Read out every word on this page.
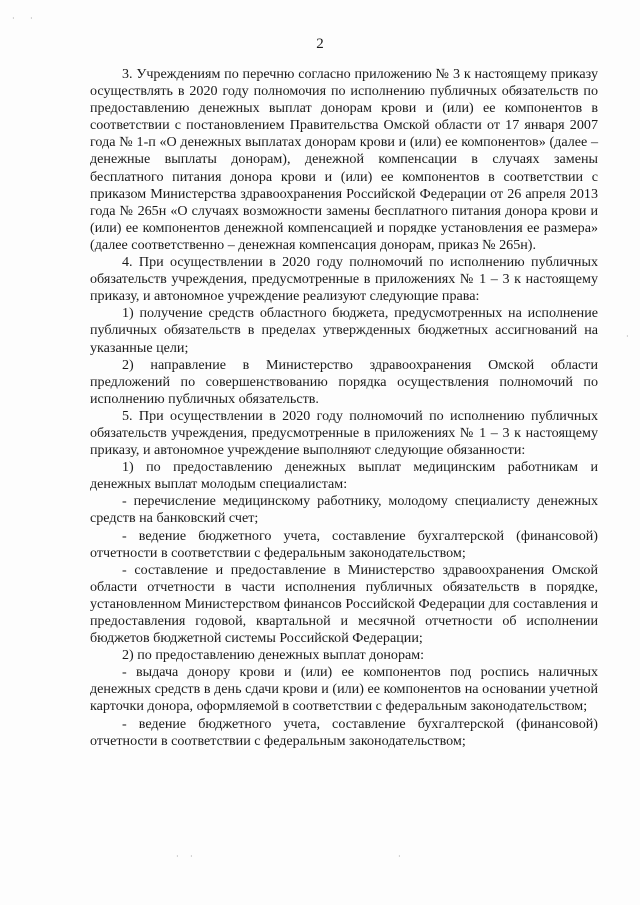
· ·
·
· ·	·
2

3. Учреждениям по перечню согласно приложению № 3 к настоящему приказу осуществлять в 2020 году полномочия по исполнению публичных обязательств по предоставлению денежных выплат донорам крови и (или) ее компонентов в соответствии с постановлением Правительства Омской области от 17 января 2007 года № 1-п «О денежных выплатах донорам крови и (или) ее компонентов» (далее – денежные выплаты донорам), денежной компенсации в случаях замены бесплатного питания донора крови и (или) ее компонентов в соответствии с приказом Министерства здравоохранения Российской Федерации от 26 апреля 2013 года № 265н «О случаях возможности замены бесплатного питания донора крови и (или) ее компонентов денежной компенсацией и порядке установления ее размера» (далее соответственно – денежная компенсация донорам, приказ № 265н).

4. При осуществлении в 2020 году полномочий по исполнению публичных обязательств учреждения, предусмотренные в приложениях № 1 – 3 к настоящему приказу, и автономное учреждение реализуют следующие права:

1) получение средств областного бюджета, предусмотренных на исполнение публичных обязательств в пределах утвержденных бюджетных ассигнований на указанные цели;

2) направление в Министерство здравоохранения Омской области предложений по совершенствованию порядка осуществления полномочий по исполнению публичных обязательств.

5. При осуществлении в 2020 году полномочий по исполнению публичных обязательств учреждения, предусмотренные в приложениях № 1 – 3 к настоящему приказу, и автономное учреждение выполняют следующие обязанности:

1) по предоставлению денежных выплат медицинским работникам и денежных выплат молодым специалистам:

- перечисление медицинскому работнику, молодому специалисту денежных средств на банковский счет;

- ведение бюджетного учета, составление бухгалтерской (финансовой) отчетности в соответствии с федеральным законодательством;

- составление и предоставление в Министерство здравоохранения Омской области отчетности в части исполнения публичных обязательств в порядке, установленном Министерством финансов Российской Федерации для составления и предоставления годовой, квартальной и месячной отчетности об исполнении бюджетов бюджетной системы Российской Федерации;

2) по предоставлению денежных выплат донорам:

- выдача донору крови и (или) ее компонентов под роспись наличных денежных средств в день сдачи крови и (или) ее компонентов на основании учетной карточки донора, оформляемой в соответствии с федеральным законодательством;

- ведение бюджетного учета, составление бухгалтерской (финансовой) отчетности в соответствии с федеральным законодательством;
